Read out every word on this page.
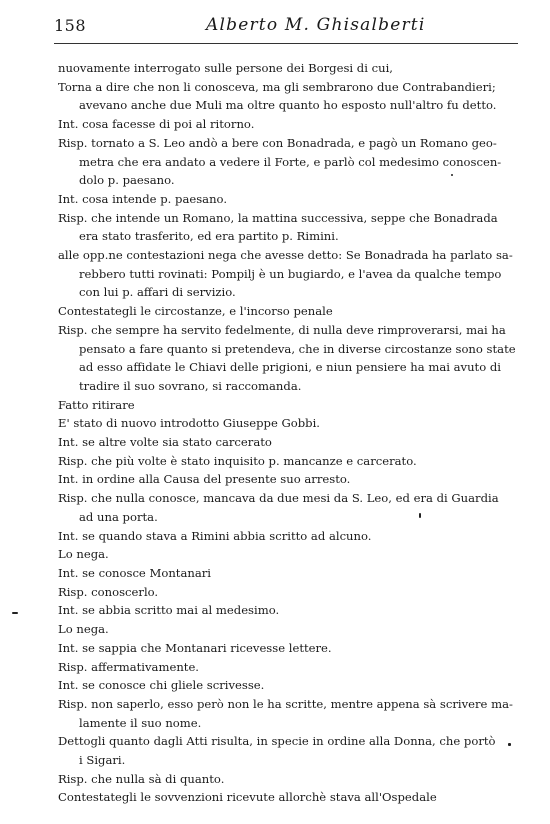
158	Alberto M. Ghisalberti
nuovamente interrogato sulle persone dei Borgesi di cui,
Torna a dire che non li conosceva, ma gli sembrarono due Contrabandieri;
avevano anche due Muli ma oltre quanto ho esposto null'altro fu detto.
Int. cosa facesse di poi al ritorno.
Risp. tornato a S. Leo andò a bere con Bonadrada, e pagò un Romano geo-
metra che era andato a vedere il Forte, e parlò col medesimo conoscen-
dolo p. paesano.
Int. cosa intende p. paesano.
Risp. che intende un Romano, la mattina successiva, seppe che Bonadrada
era stato trasferito, ed era partito p. Rimini.
alle opp.ne contestazioni nega che avesse detto: Se Bonadrada ha parlato sa-
rebbero tutti rovinati: Pompilj è un bugiardo, e l'avea da qualche tempo
con lui p. affari di servizio.
Contestategli le circostanze, e l'incorso penale
Risp. che sempre ha servito fedelmente, di nulla deve rimproverarsi, mai ha
pensato a fare quanto si pretendeva, che in diverse circostanze sono state
ad esso affidate le Chiavi delle prigioni, e niun pensiere ha mai avuto di
tradire il suo sovrano, si raccomanda.
Fatto ritirare
E' stato di nuovo introdotto Giuseppe Gobbi.
Int. se altre volte sia stato carcerato
Risp. che più volte è stato inquisito p. mancanze e carcerato.
Int. in ordine alla Causa del presente suo arresto.
Risp. che nulla conosce, mancava da due mesi da S. Leo, ed era di Guardia
ad una porta.
Int. se quando stava a Rimini abbia scritto ad alcuno.
Lo nega.
Int. se conosce Montanari
Risp. conoscerlo.
Int. se abbia scritto mai al medesimo.
Lo nega.
Int. se sappia che Montanari ricevesse lettere.
Risp. affermativamente.
Int. se conosce chi gliele scrivesse.
Risp. non saperlo, esso però non le ha scritte, mentre appena sà scrivere ma-
lamente il suo nome.
Dettogli quanto dagli Atti risulta, in specie in ordine alla Donna, che portò
i Sigari.
Risp. che nulla sà di quanto.
Contestategli le sovvenzioni ricevute allorchè stava all'Ospedale
